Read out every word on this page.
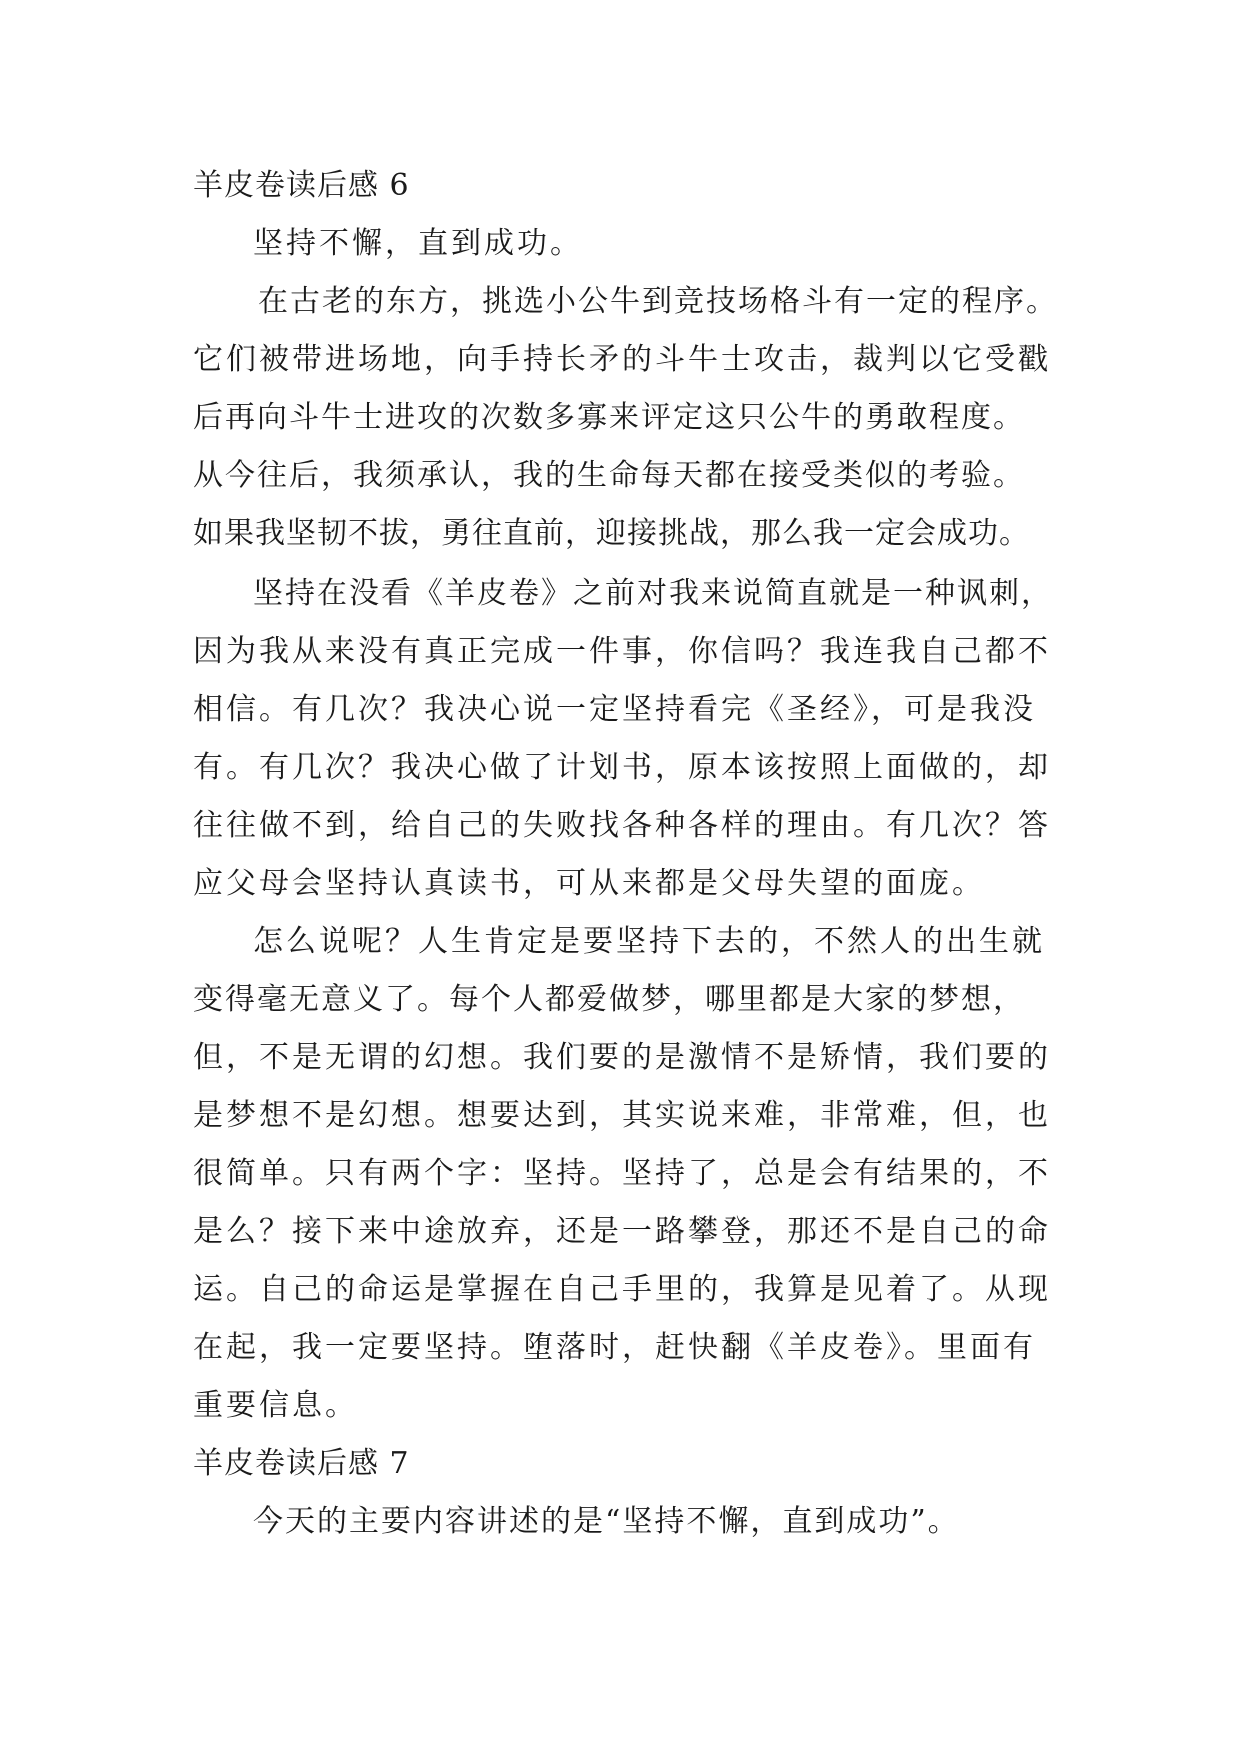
羊皮卷读后感 6
坚持不懈，直到成功。
在古老的东方，挑选小公牛到竞技场格斗有一定的程序。
它们被带进场地，向手持长矛的斗牛士攻击，裁判以它受戳
后再向斗牛士进攻的次数多寡来评定这只公牛的勇敢程度。
从今往后，我须承认，我的生命每天都在接受类似的考验。
如果我坚韧不拔，勇往直前，迎接挑战，那么我一定会成功。
坚持在没看《羊皮卷》之前对我来说简直就是一种讽刺，
因为我从来没有真正完成一件事，你信吗？我连我自己都不
相信。有几次？我决心说一定坚持看完《圣经》，可是我没
有。有几次？我决心做了计划书，原本该按照上面做的，却
往往做不到，给自己的失败找各种各样的理由。有几次？答
应父母会坚持认真读书，可从来都是父母失望的面庞。
怎么说呢？人生肯定是要坚持下去的，不然人的出生就
变得毫无意义了。每个人都爱做梦，哪里都是大家的梦想，
但，不是无谓的幻想。我们要的是激情不是矫情，我们要的
是梦想不是幻想。想要达到，其实说来难，非常难，但，也
很简单。只有两个字：坚持。坚持了，总是会有结果的，不
是么？接下来中途放弃，还是一路攀登，那还不是自己的命
运。自己的命运是掌握在自己手里的，我算是见着了。从现
在起，我一定要坚持。堕落时，赶快翻《羊皮卷》。里面有
重要信息。
羊皮卷读后感 7
今天的主要内容讲述的是“坚持不懈，直到成功”。
